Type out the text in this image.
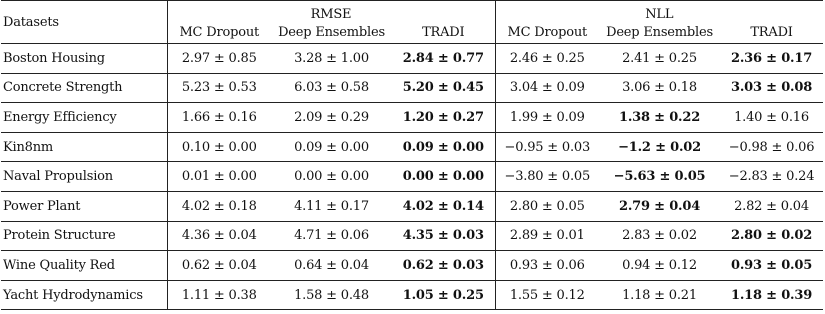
Datasets	RMSE			NLL		
	MC Dropout	Deep Ensembles	TRADI	MC Dropout	Deep Ensembles	TRADI
Boston Housing	2.97 ± 0.85	3.28 ± 1.00	2.84 ± 0.77	2.46 ± 0.25	2.41 ± 0.25	2.36 ± 0.17
Concrete Strength	5.23 ± 0.53	6.03 ± 0.58	5.20 ± 0.45	3.04 ± 0.09	3.06 ± 0.18	3.03 ± 0.08
Energy Efficiency	1.66 ± 0.16	2.09 ± 0.29	1.20 ± 0.27	1.99 ± 0.09	1.38 ± 0.22	1.40 ± 0.16
Kin8nm	0.10 ± 0.00	0.09 ± 0.00	0.09 ± 0.00	−0.95 ± 0.03	−1.2 ± 0.02	−0.98 ± 0.06
Naval Propulsion	0.01 ± 0.00	0.00 ± 0.00	0.00 ± 0.00	−3.80 ± 0.05	−5.63 ± 0.05	−2.83 ± 0.24
Power Plant	4.02 ± 0.18	4.11 ± 0.17	4.02 ± 0.14	2.80 ± 0.05	2.79 ± 0.04	2.82 ± 0.04
Protein Structure	4.36 ± 0.04	4.71 ± 0.06	4.35 ± 0.03	2.89 ± 0.01	2.83 ± 0.02	2.80 ± 0.02
Wine Quality Red	0.62 ± 0.04	0.64 ± 0.04	0.62 ± 0.03	0.93 ± 0.06	0.94 ± 0.12	0.93 ± 0.05
Yacht Hydrodynamics	1.11 ± 0.38	1.58 ± 0.48	1.05 ± 0.25	1.55 ± 0.12	1.18 ± 0.21	1.18 ± 0.39
